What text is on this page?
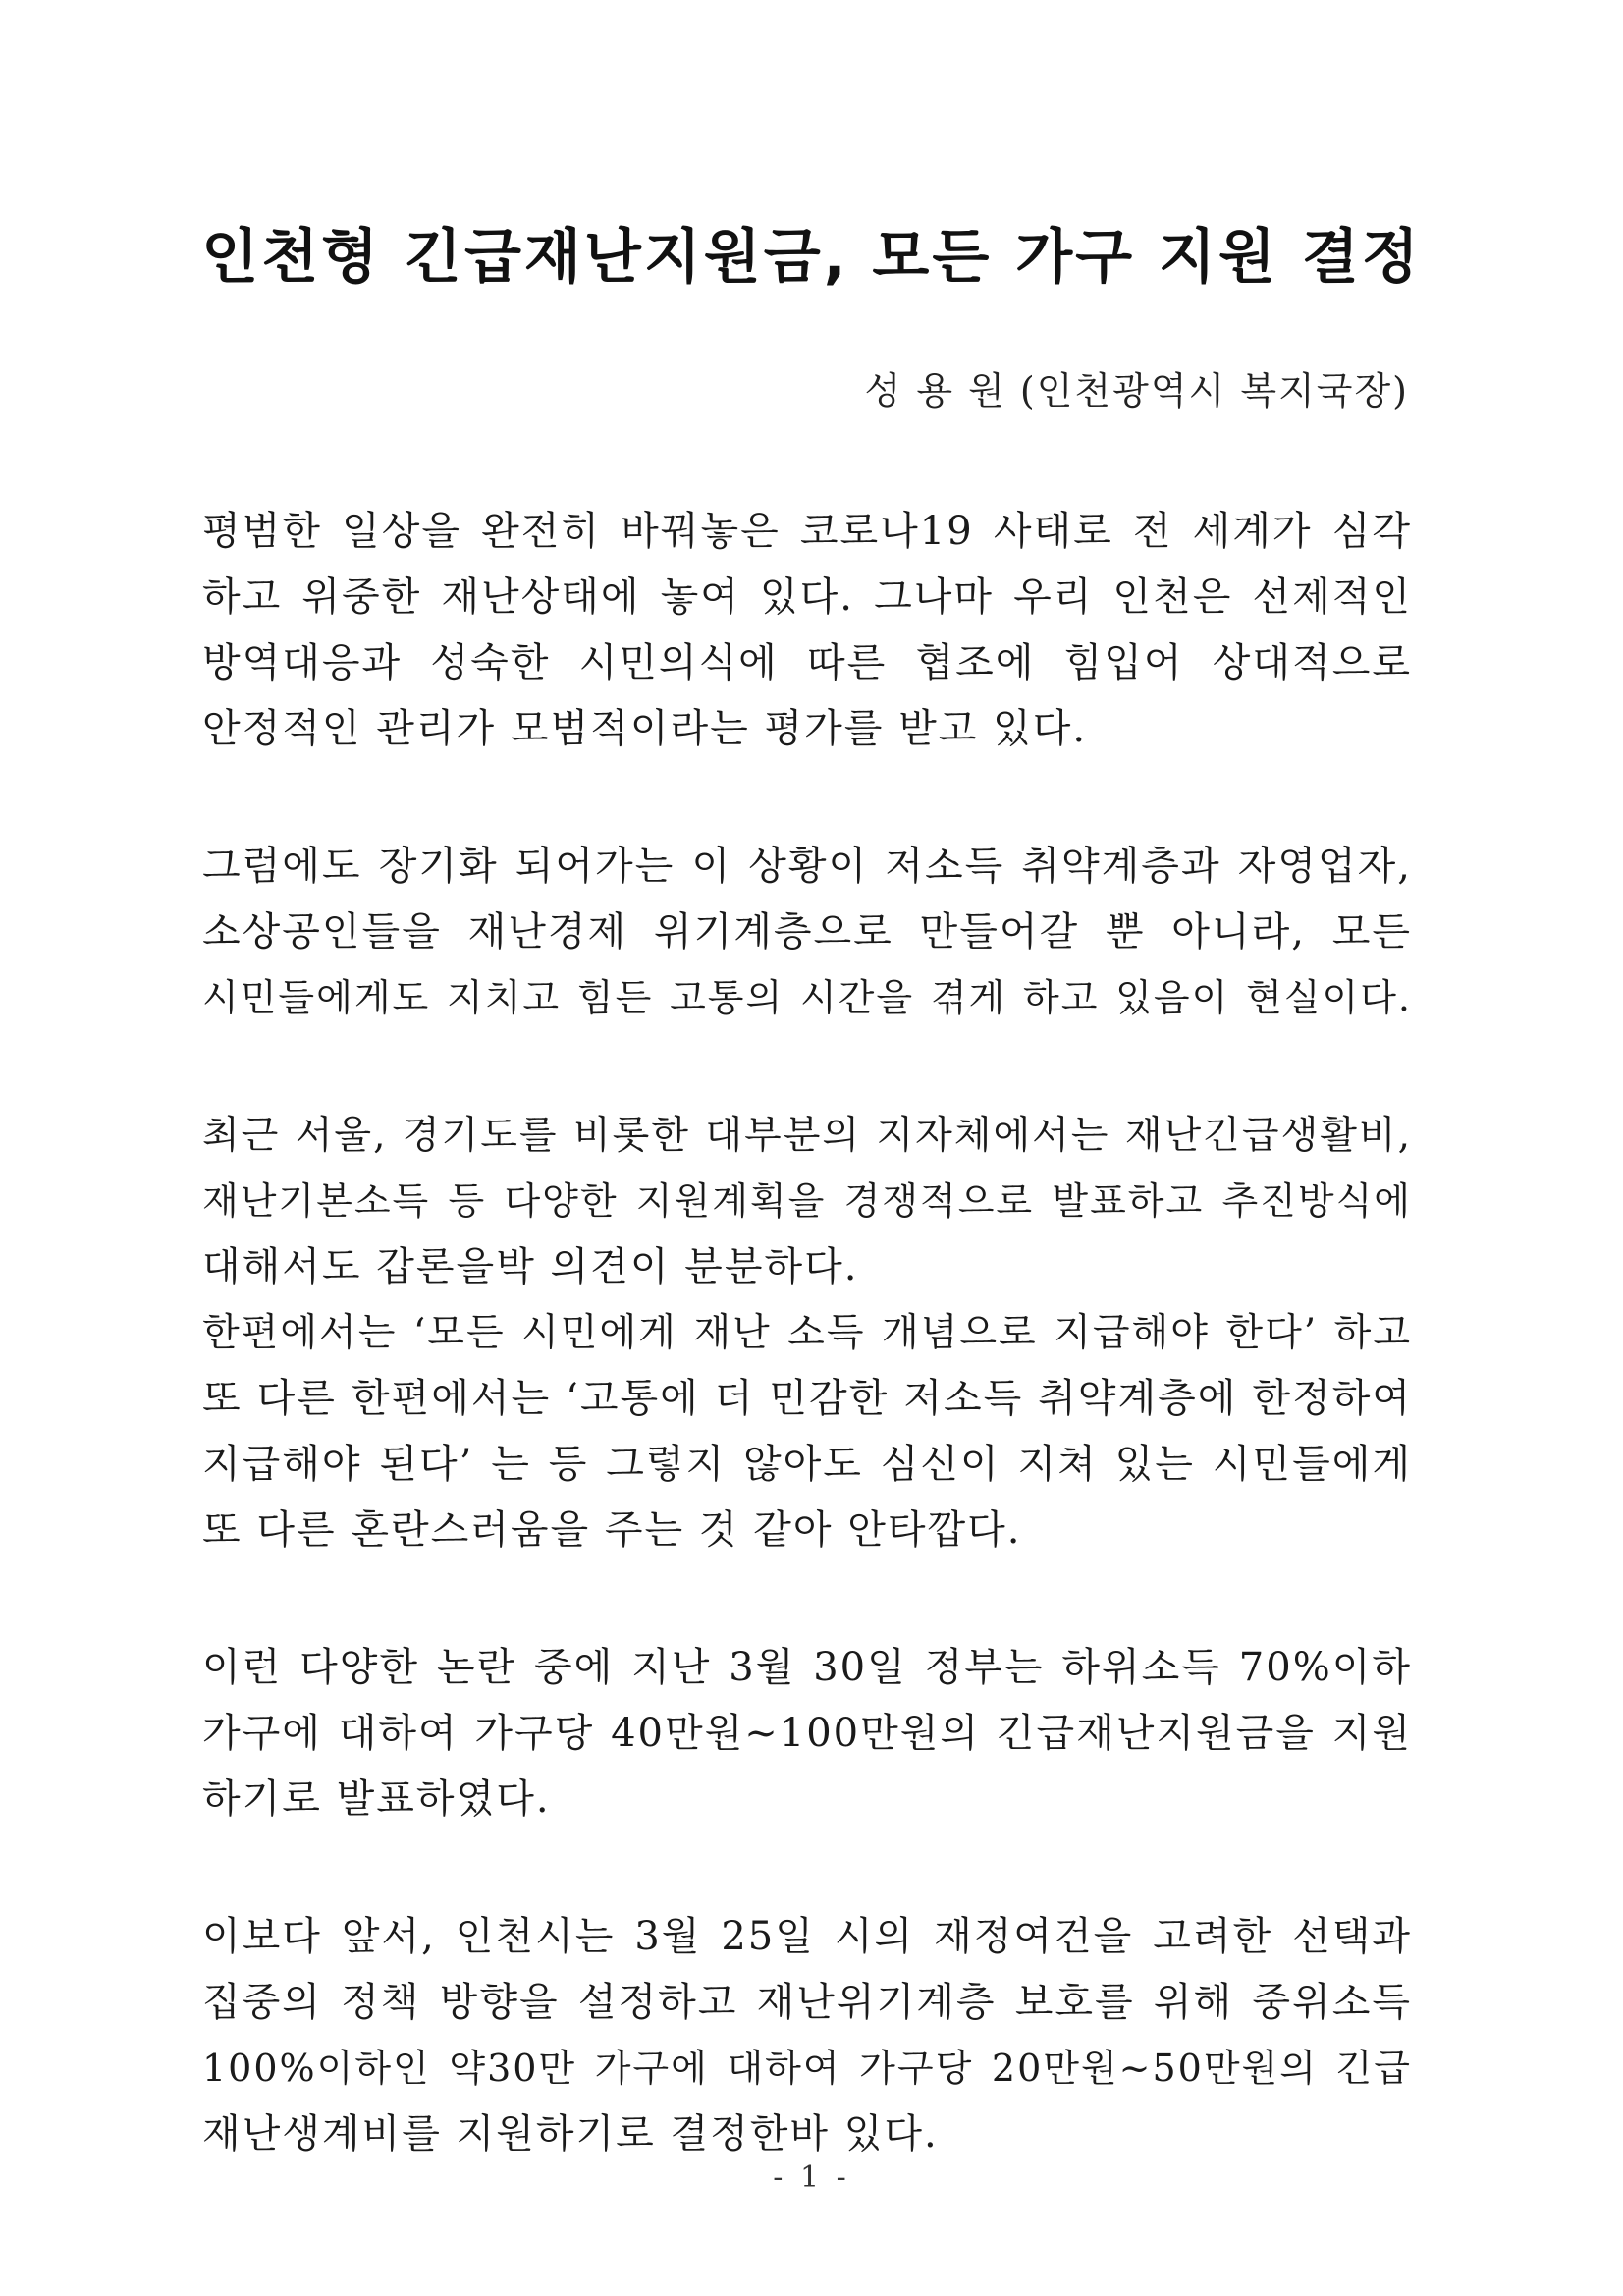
인천형 긴급재난지원금, 모든 가구 지원 결정
성 용 원 (인천광역시 복지국장)

평범한 일상을 완전히 바꿔놓은 코로나19 사태로 전 세계가 심각
하고 위중한 재난상태에 놓여 있다. 그나마 우리 인천은 선제적인
방역대응과 성숙한 시민의식에 따른 협조에 힘입어 상대적으로
안정적인 관리가 모범적이라는 평가를 받고 있다.

그럼에도 장기화 되어가는 이 상황이 저소득 취약계층과 자영업자,
소상공인들을 재난경제 위기계층으로 만들어갈 뿐 아니라, 모든
시민들에게도 지치고 힘든 고통의 시간을 겪게 하고 있음이 현실이다.

최근 서울, 경기도를 비롯한 대부분의 지자체에서는 재난긴급생활비,
재난기본소득 등 다양한 지원계획을 경쟁적으로 발표하고 추진방식에
대해서도 갑론을박 의견이 분분하다.

한편에서는 ‘모든 시민에게 재난 소득 개념으로 지급해야 한다’ 하고
또 다른 한편에서는 ‘고통에 더 민감한 저소득 취약계층에 한정하여
지급해야 된다’ 는 등 그렇지 않아도 심신이 지쳐 있는 시민들에게
또 다른 혼란스러움을 주는 것 같아 안타깝다.

이런 다양한 논란 중에 지난 3월 30일 정부는 하위소득 70%이하
가구에 대하여 가구당 40만원~100만원의 긴급재난지원금을 지원
하기로 발표하였다.

이보다 앞서, 인천시는 3월 25일 시의 재정여건을 고려한 선택과
집중의 정책 방향을 설정하고 재난위기계층 보호를 위해 중위소득
100%이하인 약30만 가구에 대하여 가구당 20만원~50만원의 긴급
재난생계비를 지원하기로 결정한바 있다.

- 1 -
